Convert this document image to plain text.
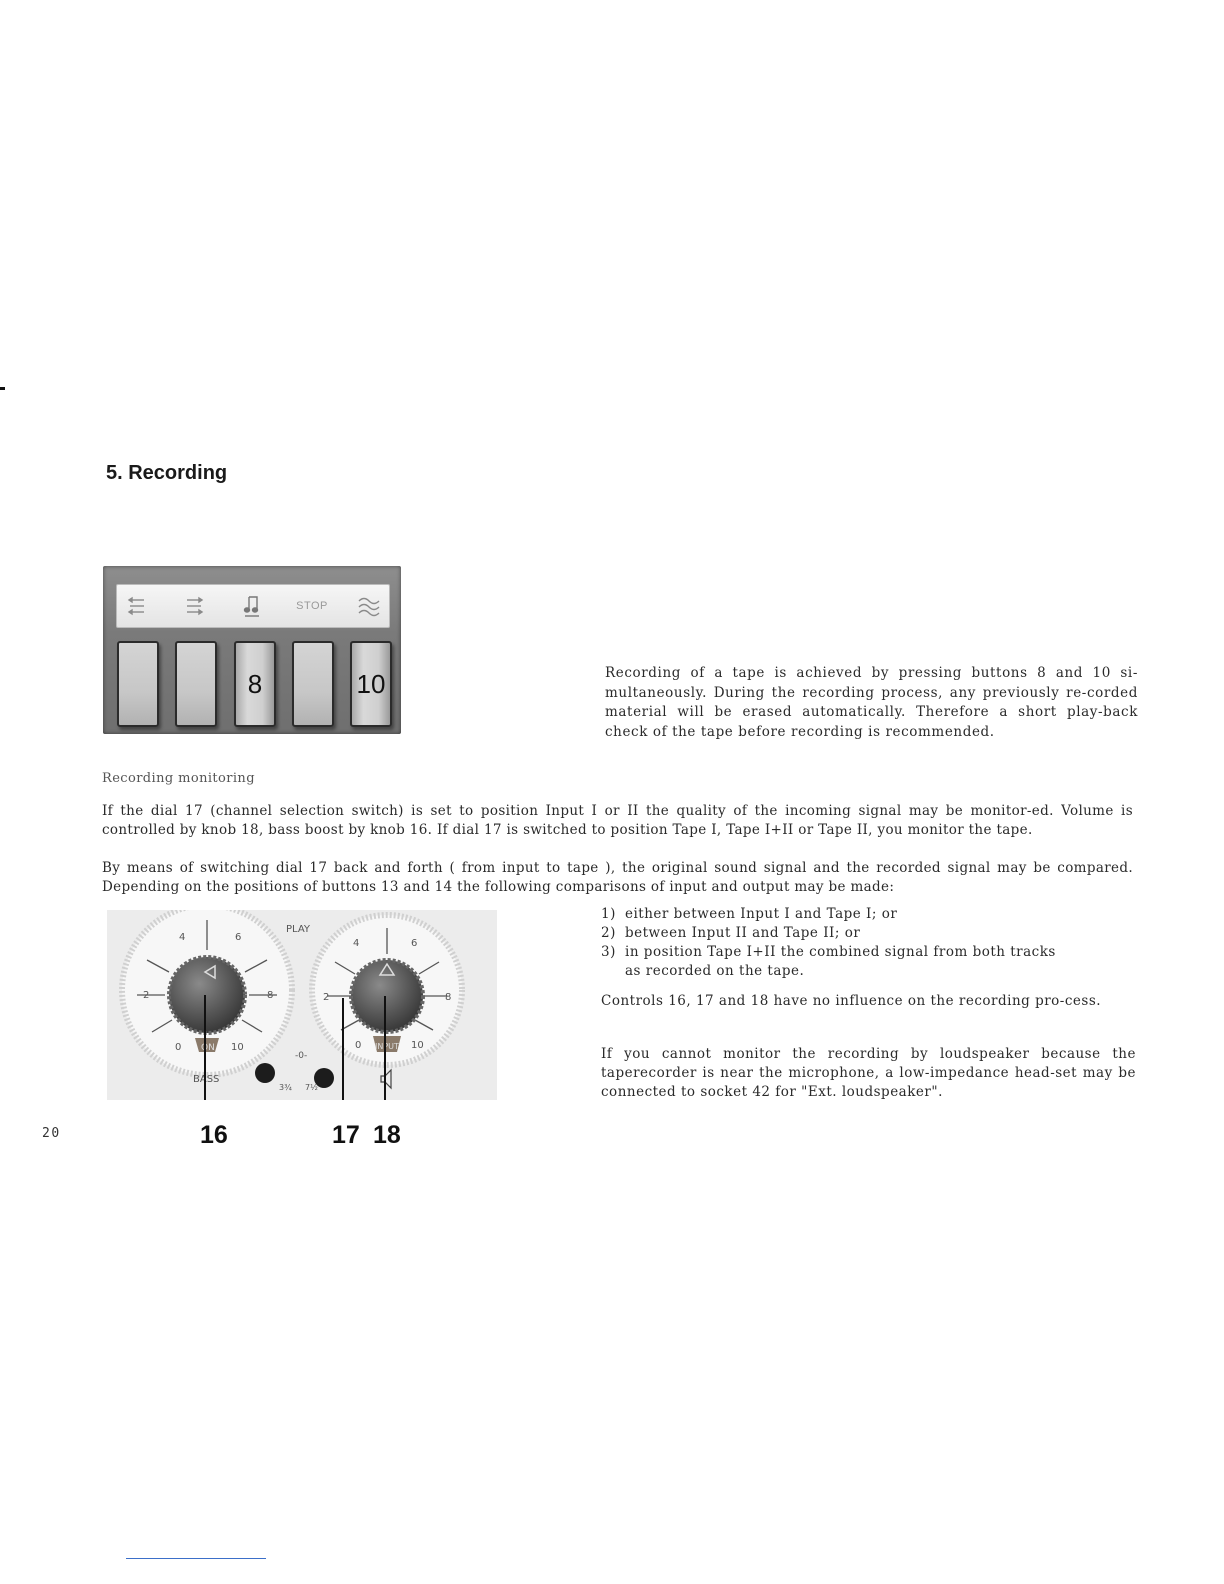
5. Recording
STOP
8	10	Recording of a tape is achieved by pressing buttons 8 and 10 si-multaneously. During the recording process, any previously re-corded material will be erased automatically. Therefore a short play-back check of the tape before recording is recommended.

Recording monitoring

If the dial 17 (channel selection switch) is set to position Input I or II the quality of the incoming signal may be monitor-ed. Volume is controlled by knob 18, bass boost by knob 16. If dial 17 is switched to position Tape I, Tape I+II or Tape II, you monitor the tape.

By means of switching dial 17 back and forth ( from input to tape ), the original sound signal and the recorded signal may be compared. Depending on the positions of buttons 13 and 14 the following comparisons of input and output may be made:

1) either between Input I and Tape I; or
2) between Input II and Tape II; or
3) in position Tape I+II the combined signal from both tracks
as recorded on the tape.

Controls 16, 17 and 18 have no influence on the recording pro-cess.

If you cannot monitor the recording by loudspeaker because the taperecorder is near the microphone, a low-impedance head-set may be connected to socket 42 for "Ext. loudspeaker".

4	6
2	8
0	10
ON
BASS
-0-
3¾ 7½
PLAY
4	6
2	8
0	10
INPUT

16	17 18

20
